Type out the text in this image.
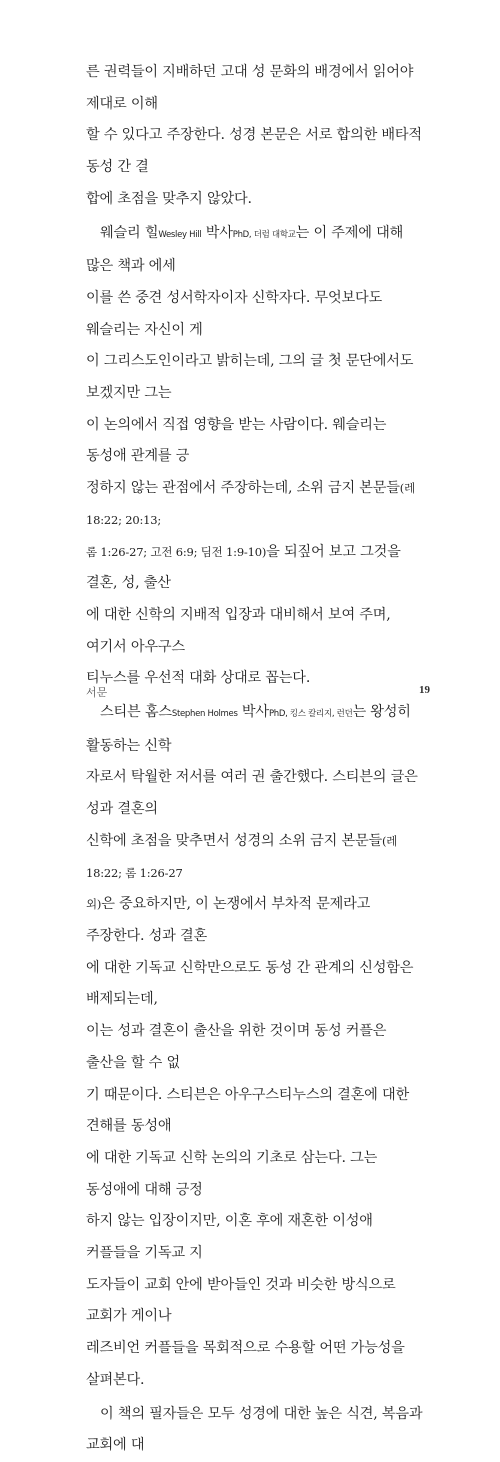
른 권력들이 지배하던 고대 성 문화의 배경에서 읽어야 제대로 이해
할 수 있다고 주장한다. 성경 본문은 서로 합의한 배타적 동성 간 결
합에 초점을 맞추지 않았다.

웨슬리 힐Wesley Hill 박사PhD, 더럼 대학교는 이 주제에 대해 많은 책과 에세
이를 쓴 중견 성서학자이자 신학자다. 무엇보다도 웨슬리는 자신이 게
이 그리스도인이라고 밝히는데, 그의 글 첫 문단에서도 보겠지만 그는
이 논의에서 직접 영향을 받는 사람이다. 웨슬리는 동성애 관계를 긍
정하지 않는 관점에서 주장하는데, 소위 금지 본문들(레 18:22; 20:13;
롬 1:26-27; 고전 6:9; 딤전 1:9-10)을 되짚어 보고 그것을 결혼, 성, 출산
에 대한 신학의 지배적 입장과 대비해서 보여 주며, 여기서 아우구스
티누스를 우선적 대화 상대로 꼽는다.

스티븐 홈스Stephen Holmes 박사PhD, 킹스 칼리지, 런던는 왕성히 활동하는 신학
자로서 탁월한 저서를 여러 권 출간했다. 스티븐의 글은 성과 결혼의
신학에 초점을 맞추면서 성경의 소위 금지 본문들(레 18:22; 롬 1:26-27
외)은 중요하지만, 이 논쟁에서 부차적 문제라고 주장한다. 성과 결혼
에 대한 기독교 신학만으로도 동성 간 관계의 신성함은 배제되는데,
이는 성과 결혼이 출산을 위한 것이며 동성 커플은 출산을 할 수 없
기 때문이다. 스티븐은 아우구스티누스의 결혼에 대한 견해를 동성애
에 대한 기독교 신학 논의의 기초로 삼는다. 그는 동성애에 대해 긍정
하지 않는 입장이지만, 이혼 후에 재혼한 이성애 커플들을 기독교 지
도자들이 교회 안에 받아들인 것과 비슷한 방식으로 교회가 게이나
레즈비언 커플들을 목회적으로 수용할 어떤 가능성을 살펴본다.

이 책의 필자들은 모두 성경에 대한 높은 식견, 복음과 교회에 대

서문	19
